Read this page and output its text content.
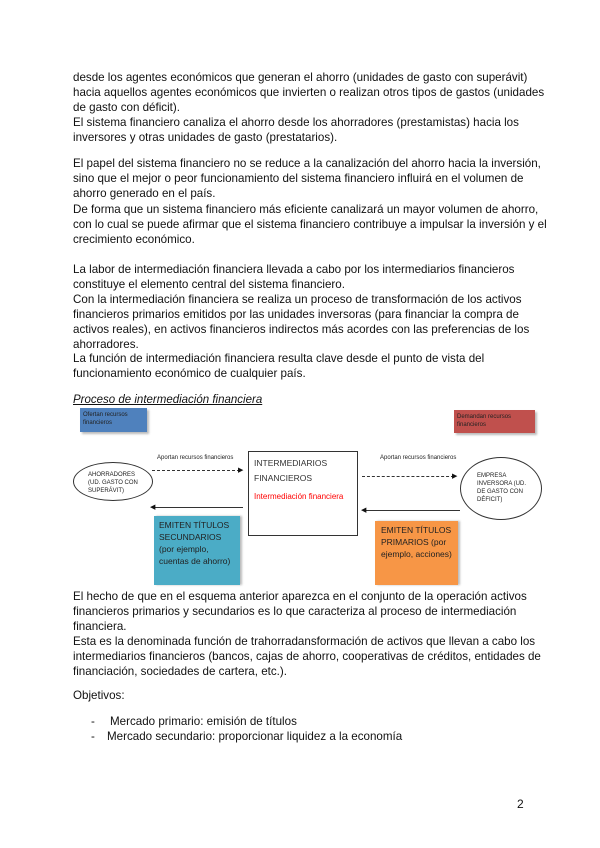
desde los agentes económicos que generan el ahorro (unidades de gasto con superávit)
hacia aquellos agentes económicos que invierten o realizan otros tipos de gastos (unidades
de gasto con déficit).
El sistema financiero canaliza el ahorro desde los ahorradores (prestamistas) hacia los
inversores y otras unidades de gasto (prestatarios).
El papel del sistema financiero no se reduce a la canalización del ahorro hacia la inversión,
sino que el mejor o peor funcionamiento del sistema financiero influirá en el volumen de
ahorro generado en el país.
De forma que un sistema financiero más eficiente canalizará un mayor volumen de ahorro,
con lo cual se puede afirmar que el sistema financiero contribuye a impulsar la inversión y el
crecimiento económico.
La labor de intermediación financiera llevada a cabo por los intermediarios financieros
constituye el elemento central del sistema financiero.
Con la intermediación financiera se realiza un proceso de transformación de los activos
financieros primarios emitidos por las unidades inversoras (para financiar la compra de
activos reales), en activos financieros indirectos más acordes con las preferencias de los
ahorradores.
La función de intermediación financiera resulta clave desde el punto de vista del
funcionamiento económico de cualquier país.
Proceso de intermediación financiera
Ofertan recursos financieros
Demandan recursos financieros
AHORRADORES (UD. GASTO CON SUPERÁVIT)
Aportan recursos financieros
▶
◀
INTERMEDIARIOS FINANCIEROS
Intermediación financiera
Aportan recursos financieros
▶
◀
EMPRESA INVERSORA (UD. DE GASTO CON DÉFICIT)
EMITEN TÍTULOS SECUNDARIOS (por ejemplo, cuentas de ahorro)
EMITEN TÍTULOS PRIMARIOS (por ejemplo, acciones)
El hecho de que en el esquema anterior aparezca en el conjunto de la operación activos
financieros primarios y secundarios es lo que caracteriza al proceso de intermediación
financiera.
Esta es la denominada función de trahorradansformación de activos que llevan a cabo los
intermediarios financieros (bancos, cajas de ahorro, cooperativas de créditos, entidades de
financiación, sociedades de cartera, etc.).
Objetivos:
- Mercado primario: emisión de títulos
- Mercado secundario: proporcionar liquidez a la economía
2
